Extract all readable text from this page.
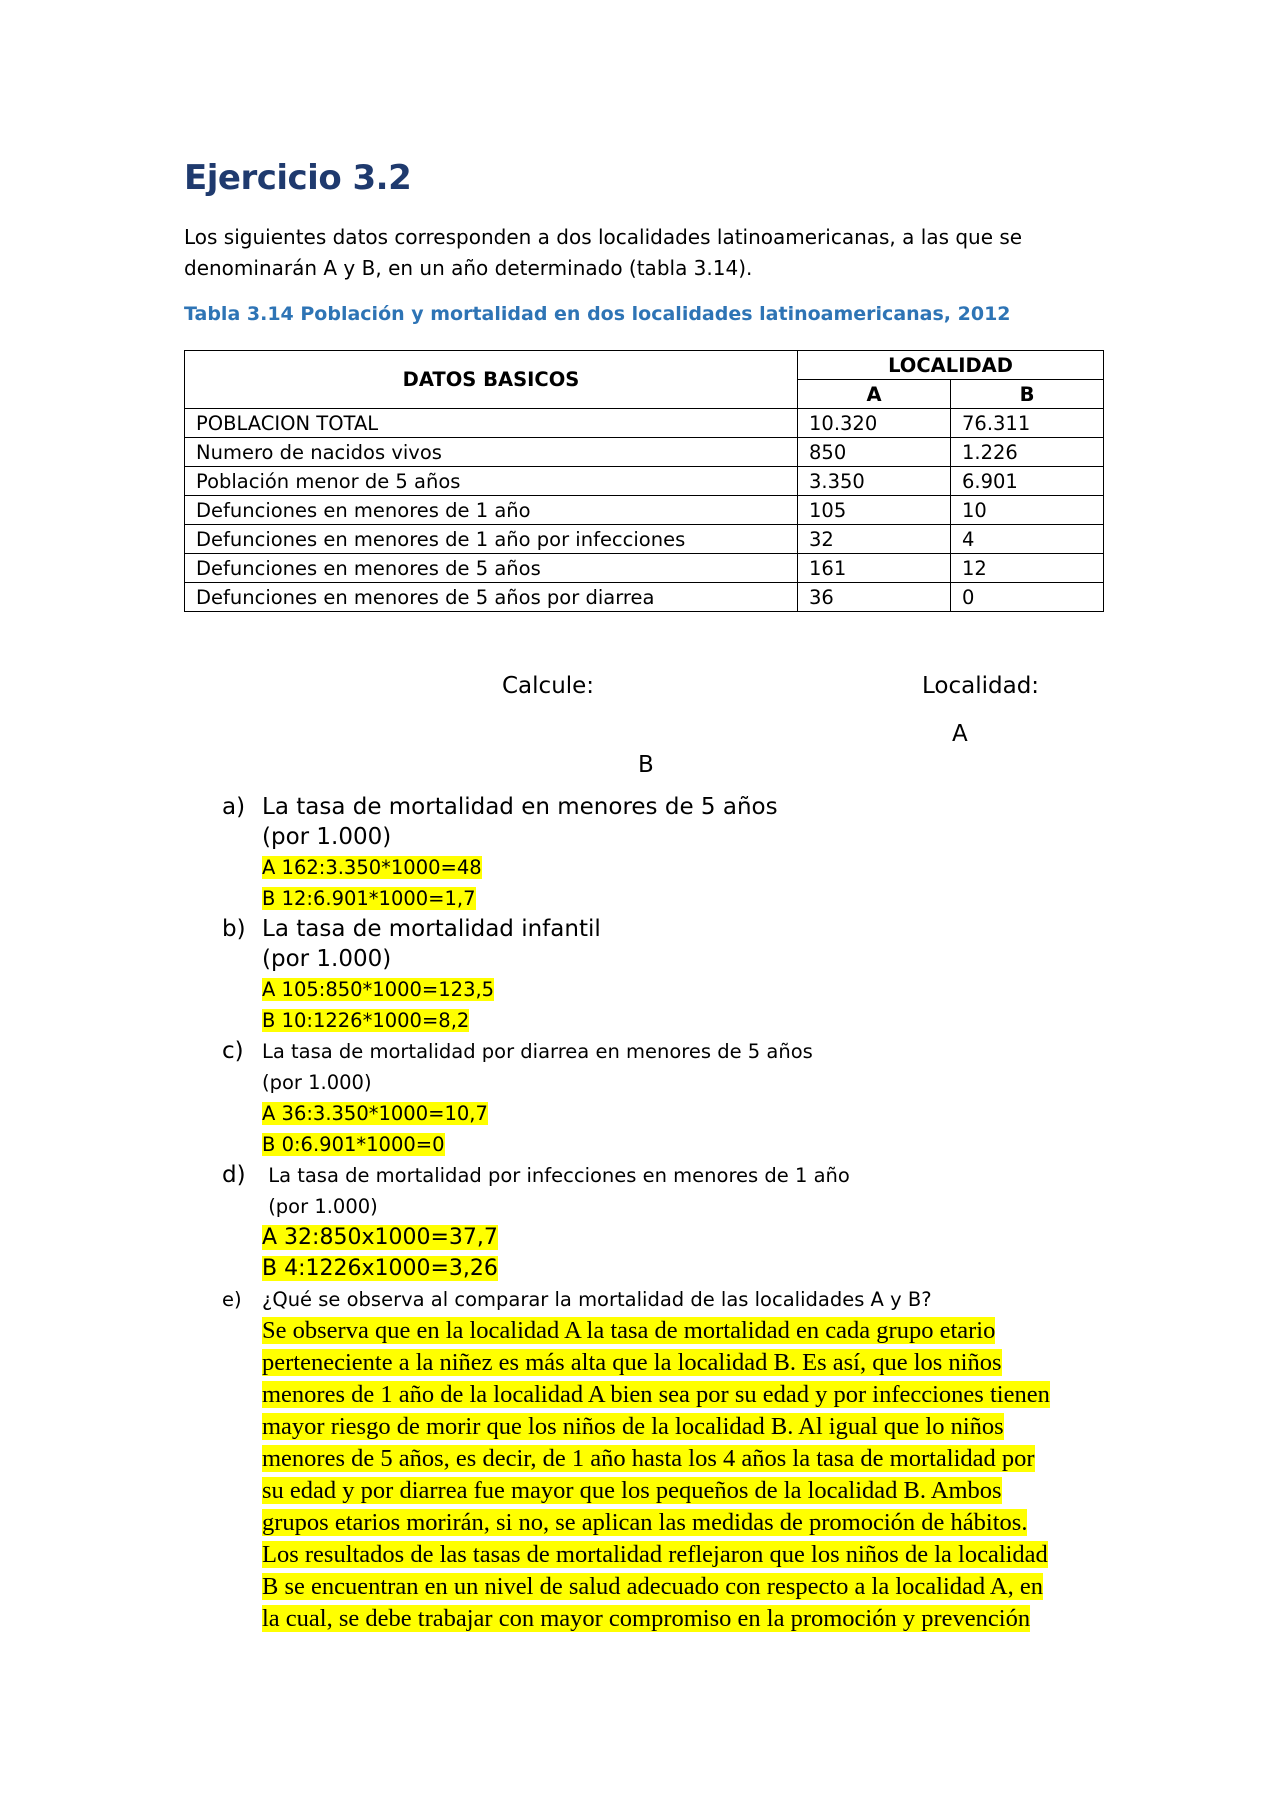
Ejercicio 3.2
Los siguientes datos corresponden a dos localidades latinoamericanas, a las que se denominarán A y B, en un año determinado (tabla 3.14).
Tabla 3.14 Población y mortalidad en dos localidades latinoamericanas, 2012
DATOS BASICOS	LOCALIDAD	
	A	B
POBLACION TOTAL	10.320	76.311
Numero de nacidos vivos	850	1.226
Población menor de 5 años	3.350	6.901
Defunciones en menores de 1 año	105	10
Defunciones en menores de 1 año por infecciones	32	4
Defunciones en menores de 5 años	161	12
Defunciones en menores de 5 años por diarrea	36	0
Calcule:	Localidad:
A
B
a) La tasa de mortalidad en menores de 5 años
(por 1.000)
A 162:3.350*1000=48
B 12:6.901*1000=1,7
b) La tasa de mortalidad infantil
(por 1.000)
A 105:850*1000=123,5
B 10:1226*1000=8,2
c) La tasa de mortalidad por diarrea en menores de 5 años
(por 1.000)
A 36:3.350*1000=10,7
B 0:6.901*1000=0
d) La tasa de mortalidad por infecciones en menores de 1 año
(por 1.000)
A 32:850x1000=37,7
B 4:1226x1000=3,26
e) ¿Qué se observa al comparar la mortalidad de las localidades A y B?
Se observa que en la localidad A la tasa de mortalidad en cada grupo etario
perteneciente a la niñez es más alta que la localidad B. Es así, que los niños
menores de 1 año de la localidad A bien sea por su edad y por infecciones tienen
mayor riesgo de morir que los niños de la localidad B. Al igual que lo niños
menores de 5 años, es decir, de 1 año hasta los 4 años la tasa de mortalidad por
su edad y por diarrea fue mayor que los pequeños de la localidad B. Ambos
grupos etarios morirán, si no, se aplican las medidas de promoción de hábitos.
Los resultados de las tasas de mortalidad reflejaron que los niños de la localidad
B se encuentran en un nivel de salud adecuado con respecto a la localidad A, en
la cual, se debe trabajar con mayor compromiso en la promoción y prevención
